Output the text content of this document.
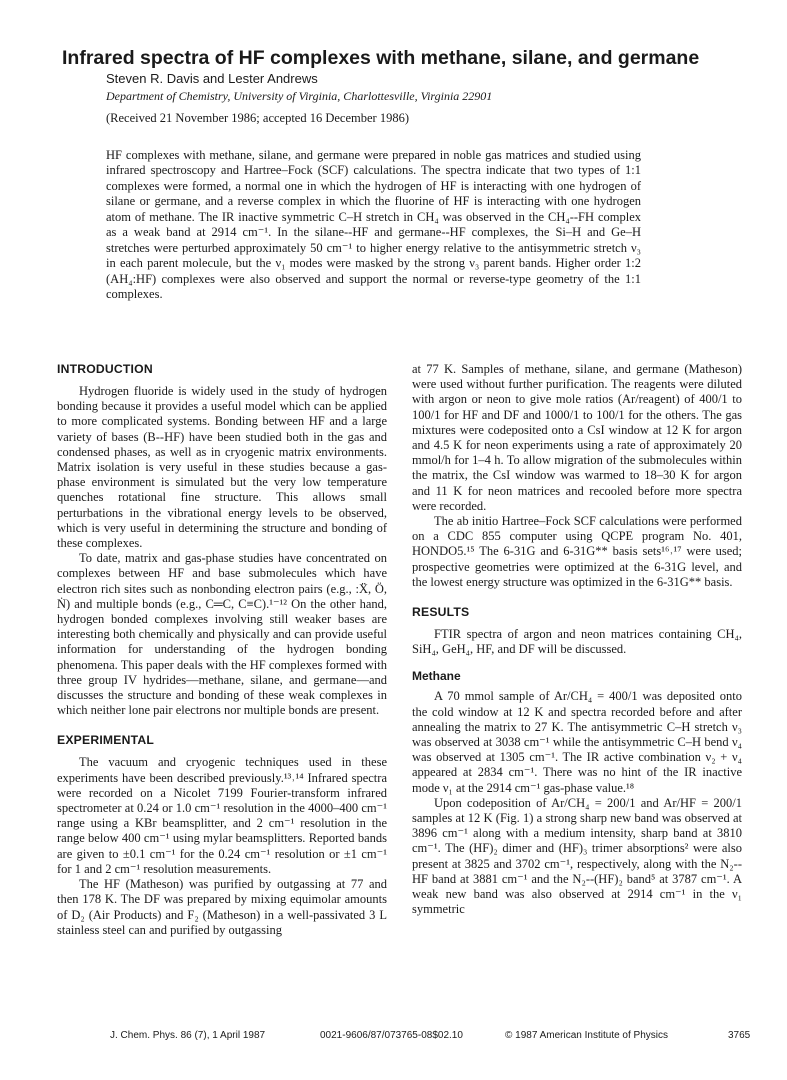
Infrared spectra of HF complexes with methane, silane, and germane
Steven R. Davis and Lester Andrews
Department of Chemistry, University of Virginia, Charlottesville, Virginia 22901
(Received 21 November 1986; accepted 16 December 1986)

HF complexes with methane, silane, and germane were prepared in noble gas matrices and studied using infrared spectroscopy and Hartree–Fock (SCF) calculations. The spectra indicate that two types of 1:1 complexes were formed, a normal one in which the hydrogen of HF is interacting with one hydrogen of silane or germane, and a reverse complex in which the fluorine of HF is interacting with one hydrogen atom of methane. The IR inactive symmetric C–H stretch in CH₄ was observed in the CH₄--FH complex as a weak band at 2914 cm⁻¹. In the silane--HF and germane--HF complexes, the Si–H and Ge–H stretches were perturbed approximately 50 cm⁻¹ to higher energy relative to the antisymmetric stretch ν₃ in each parent molecule, but the ν₁ modes were masked by the strong ν₃ parent bands. Higher order 1:2 (AH₄:HF) complexes were also observed and support the normal or reverse-type geometry of the 1:1 complexes.

INTRODUCTION

Hydrogen fluoride is widely used in the study of hydrogen bonding because it provides a useful model which can be applied to more complicated systems. Bonding between HF and a large variety of bases (B--HF) have been studied both in the gas and condensed phases, as well as in cryogenic matrix environments. Matrix isolation is very useful in these studies because a gas-phase environment is simulated but the very low temperature quenches rotational fine structure. This allows small perturbations in the vibrational energy levels to be observed, which is very useful in determining the structure and bonding of these complexes.

To date, matrix and gas-phase studies have concentrated on complexes between HF and base submolecules which have electron rich sites such as nonbonding electron pairs (e.g., :Ẍ, Ö, Ṅ) and multiple bonds (e.g., C═C, C≡C).¹⁻¹² On the other hand, hydrogen bonded complexes involving still weaker bases are interesting both chemically and physically and can provide useful information for understanding of the hydrogen bonding phenomena. This paper deals with the HF complexes formed with three group IV hydrides—methane, silane, and germane—and discusses the structure and bonding of these weak complexes in which neither lone pair electrons nor multiple bonds are present.

EXPERIMENTAL

The vacuum and cryogenic techniques used in these experiments have been described previously.¹³˒¹⁴ Infrared spectra were recorded on a Nicolet 7199 Fourier-transform infrared spectrometer at 0.24 or 1.0 cm⁻¹ resolution in the 4000–400 cm⁻¹ range using a KBr beamsplitter, and 2 cm⁻¹ resolution in the range below 400 cm⁻¹ using mylar beamsplitters. Reported bands are given to ±0.1 cm⁻¹ for the 0.24 cm⁻¹ resolution or ±1 cm⁻¹ for 1 and 2 cm⁻¹ resolution measurements.

The HF (Matheson) was purified by outgassing at 77 and then 178 K. The DF was prepared by mixing equimolar amounts of D₂ (Air Products) and F₂ (Matheson) in a well-passivated 3 L stainless steel can and purified by outgassing

at 77 K. Samples of methane, silane, and germane (Matheson) were used without further purification. The reagents were diluted with argon or neon to give mole ratios (Ar/reagent) of 400/1 to 100/1 for HF and DF and 1000/1 to 100/1 for the others. The gas mixtures were codeposited onto a CsI window at 12 K for argon and 4.5 K for neon experiments using a rate of approximately 20 mmol/h for 1–4 h. To allow migration of the submolecules within the matrix, the CsI window was warmed to 18–30 K for argon and 11 K for neon matrices and recooled before more spectra were recorded.

The ab initio Hartree–Fock SCF calculations were performed on a CDC 855 computer using QCPE program No. 401, HONDO5.¹⁵ The 6-31G and 6-31G** basis sets¹⁶˒¹⁷ were used; prospective geometries were optimized at the 6-31G level, and the lowest energy structure was optimized in the 6-31G** basis.

RESULTS

FTIR spectra of argon and neon matrices containing CH₄, SiH₄, GeH₄, HF, and DF will be discussed.

Methane

A 70 mmol sample of Ar/CH₄ = 400/1 was deposited onto the cold window at 12 K and spectra recorded before and after annealing the matrix to 27 K. The antisymmetric C–H stretch ν₃ was observed at 3038 cm⁻¹ while the antisymmetric C–H bend ν₄ was observed at 1305 cm⁻¹. The IR active combination ν₂ + ν₄ appeared at 2834 cm⁻¹. There was no hint of the IR inactive mode ν₁ at the 2914 cm⁻¹ gas-phase value.¹⁸

Upon codeposition of Ar/CH₄ = 200/1 and Ar/HF = 200/1 samples at 12 K (Fig. 1) a strong sharp new band was observed at 3896 cm⁻¹ along with a medium intensity, sharp band at 3810 cm⁻¹. The (HF)₂ dimer and (HF)₃ trimer absorptions² were also present at 3825 and 3702 cm⁻¹, respectively, along with the N₂--HF band at 3881 cm⁻¹ and the N₂--(HF)₂ band⁵ at 3787 cm⁻¹. A weak new band was also observed at 2914 cm⁻¹ in the ν₁ symmetric

J. Chem. Phys. 86 (7), 1 April 1987	0021-9606/87/073765-08$02.10	© 1987 American Institute of Physics	3765
